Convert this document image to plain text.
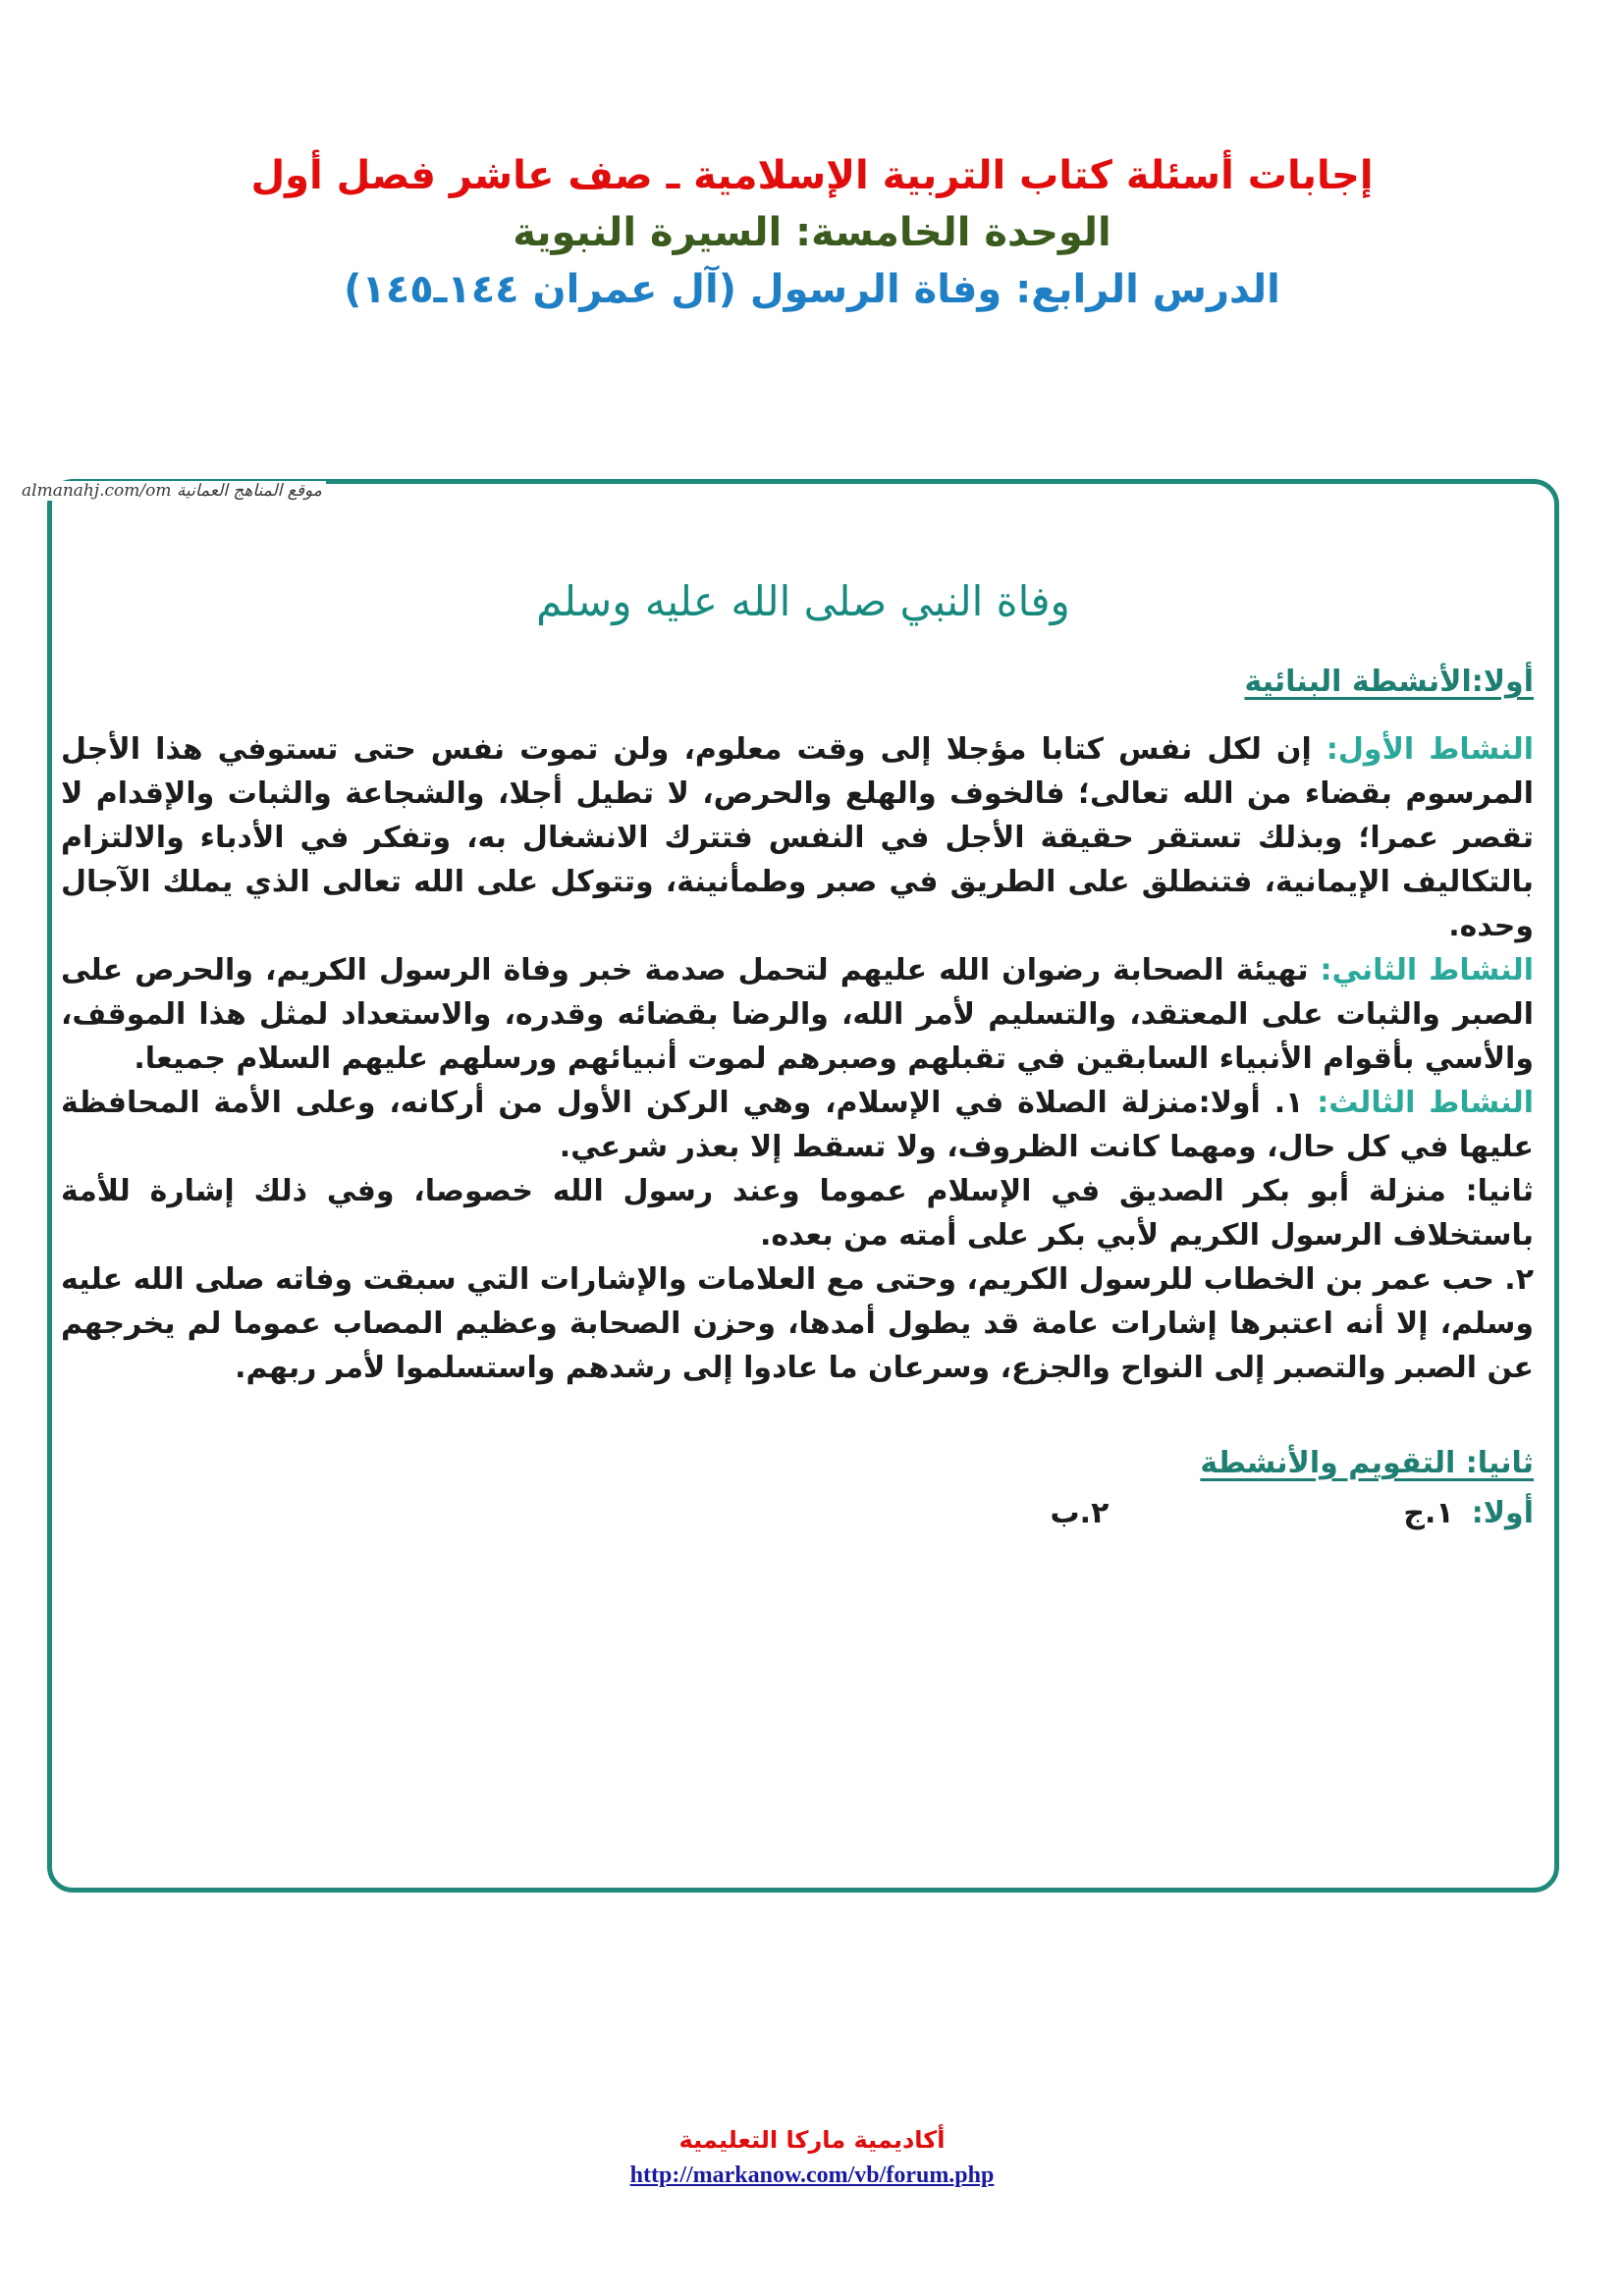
إجابات أسئلة كتاب التربية الإسلامية ـ صف عاشر فصل أول
الوحدة الخامسة: السيرة النبوية
الدرس الرابع: وفاة الرسول (آل عمران ١٤٤ـ١٤٥)
almanahj.com/om موقع المناهج العمانية
وفاة النبي صلى الله عليه وسلم
أولا:الأنشطة البنائية

النشاط الأول: إن لكل نفس كتابا مؤجلا إلى وقت معلوم، ولن تموت نفس حتى تستوفي هذا الأجل المرسوم بقضاء من الله تعالى؛ فالخوف والهلع والحرص، لا تطيل أجلا، والشجاعة والثبات والإقدام لا تقصر عمرا؛ وبذلك تستقر حقيقة الأجل في النفس فتترك الانشغال به، وتفكر في الأدباء والالتزام بالتكاليف الإيمانية، فتنطلق على الطريق في صبر وطمأنينة، وتتوكل على الله تعالى الذي يملك الآجال وحده.

النشاط الثاني: تهيئة الصحابة رضوان الله عليهم لتحمل صدمة خبر وفاة الرسول الكريم، والحرص على الصبر والثبات على المعتقد، والتسليم لأمر الله، والرضا بقضائه وقدره، والاستعداد لمثل هذا الموقف، والأسي بأقوام الأنبياء السابقين في تقبلهم وصبرهم لموت أنبيائهم ورسلهم عليهم السلام جميعا.

النشاط الثالث: ١. أولا:منزلة الصلاة في الإسلام، وهي الركن الأول من أركانه، وعلى الأمة المحافظة عليها في كل حال، ومهما كانت الظروف، ولا تسقط إلا بعذر شرعي.

ثانيا: منزلة أبو بكر الصديق في الإسلام عموما وعند رسول الله خصوصا، وفي ذلك إشارة للأمة باستخلاف الرسول الكريم لأبي بكر على أمته من بعده.

٢. حب عمر بن الخطاب للرسول الكريم، وحتى مع العلامات والإشارات التي سبقت وفاته صلى الله عليه وسلم، إلا أنه اعتبرها إشارات عامة قد يطول أمدها، وحزن الصحابة وعظيم المصاب عموما لم يخرجهم عن الصبر والتصبر إلى النواح والجزع، وسرعان ما عادوا إلى رشدهم واستسلموا لأمر ربهم.

ثانيا: التقويم والأنشطة
أولا:١.ج٢.ب
أكاديمية ماركا التعليمية
http://markanow.com/vb/forum.php
